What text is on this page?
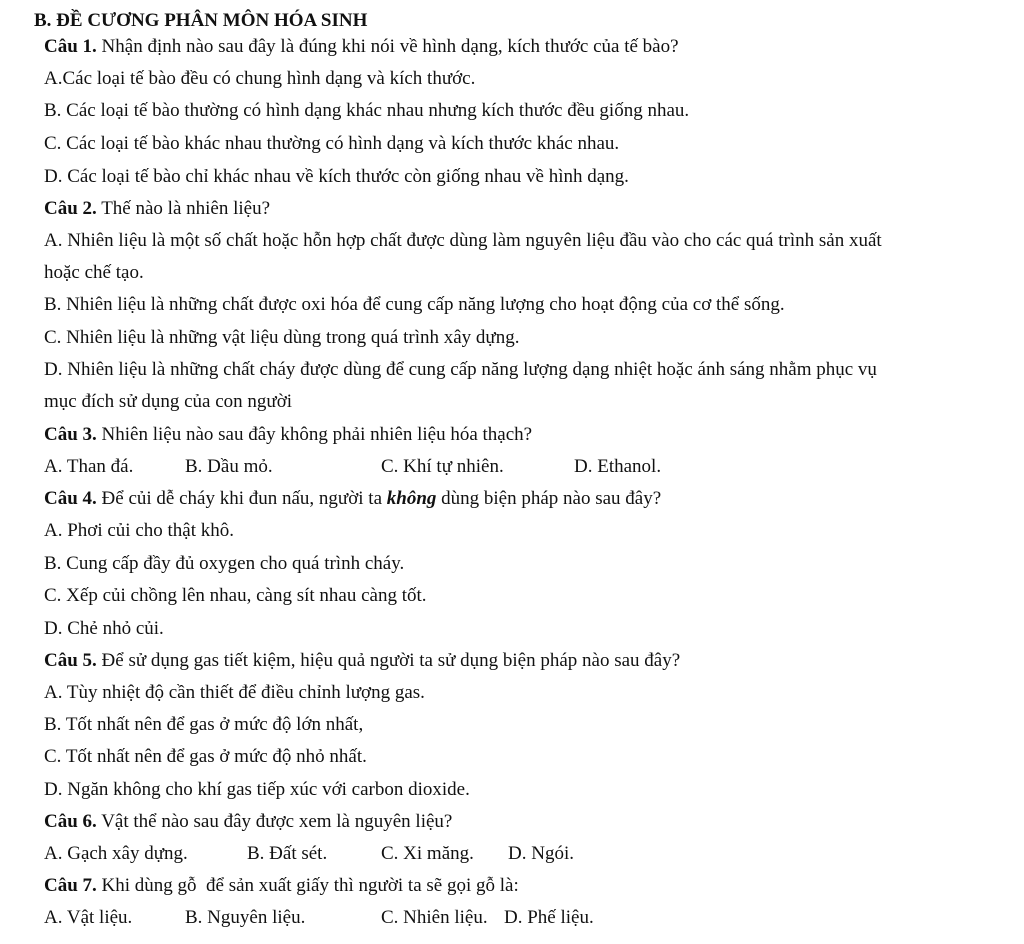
B. ĐỀ CƯƠNG PHÂN MÔN HÓA SINH
Câu 1. Nhận định nào sau đây là đúng khi nói về hình dạng, kích thước của tế bào?
A.Các loại tế bào đều có chung hình dạng và kích thước.
B. Các loại tế bào thường có hình dạng khác nhau nhưng kích thước đều giống nhau.
C. Các loại tế bào khác nhau thường có hình dạng và kích thước khác nhau.
D. Các loại tế bào chỉ khác nhau về kích thước còn giống nhau về hình dạng.
Câu 2. Thế nào là nhiên liệu?
A. Nhiên liệu là một số chất hoặc hỗn hợp chất được dùng làm nguyên liệu đầu vào cho các quá trình sản xuất
hoặc chế tạo.
B. Nhiên liệu là những chất được oxi hóa để cung cấp năng lượng cho hoạt động của cơ thể sống.
C. Nhiên liệu là những vật liệu dùng trong quá trình xây dựng.
D. Nhiên liệu là những chất cháy được dùng để cung cấp năng lượng dạng nhiệt hoặc ánh sáng nhằm phục vụ
mục đích sử dụng của con người
Câu 3. Nhiên liệu nào sau đây không phải nhiên liệu hóa thạch?
A. Than đá.	B. Dầu mỏ.	C. Khí tự nhiên.	D. Ethanol.
Câu 4. Để củi dễ cháy khi đun nấu, người ta không dùng biện pháp nào sau đây?
A. Phơi củi cho thật khô.
B. Cung cấp đầy đủ oxygen cho quá trình cháy.
C. Xếp củi chồng lên nhau, càng sít nhau càng tốt.
D. Chẻ nhỏ củi.
Câu 5. Để sử dụng gas tiết kiệm, hiệu quả người ta sử dụng biện pháp nào sau đây?
A. Tùy nhiệt độ cần thiết để điều chỉnh lượng gas.
B. Tốt nhất nên để gas ở mức độ lớn nhất,
C. Tốt nhất nên để gas ở mức độ nhỏ nhất.
D. Ngăn không cho khí gas tiếp xúc với carbon dioxide.
Câu 6. Vật thể nào sau đây được xem là nguyên liệu?
A. Gạch xây dựng.	B. Đất sét.	C. Xi măng. D. Ngói.
Câu 7. Khi dùng gỗ  để sản xuất giấy thì người ta sẽ gọi gỗ là:
A. Vật liệu.	B. Nguyên liệu.	C. Nhiên liệu. D. Phế liệu.
